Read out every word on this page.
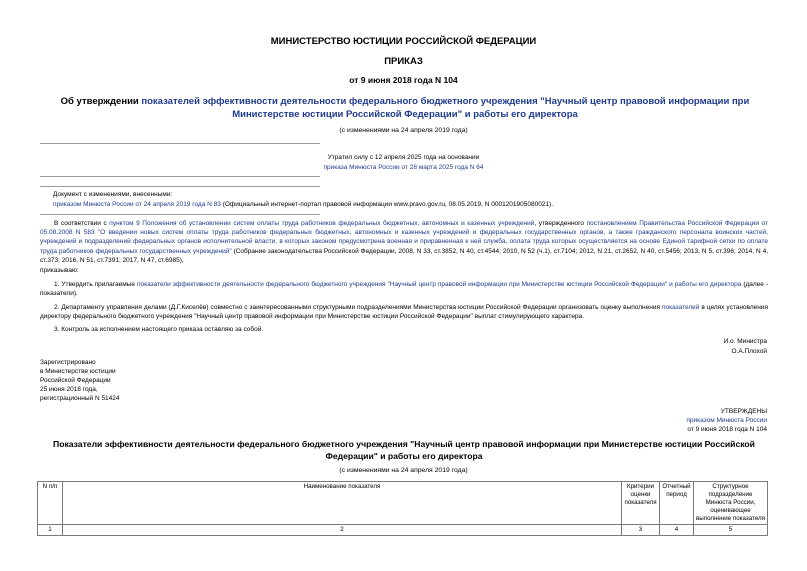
МИНИСТЕРСТВО ЮСТИЦИИ РОССИЙСКОЙ ФЕДЕРАЦИИ
ПРИКАЗ
от 9 июня 2018 года N 104
Об утверждении показателей эффективности деятельности федерального бюджетного учреждения "Научный центр правовой информации при Министерстве юстиции Российской Федерации" и работы его директора
(с изменениями на 24 апреля 2019 года)
Утратил силу с 12 апреля 2025 года на основании
приказа Минюста России от 28 марта 2025 года N 64
Документ с изменениями, внесенными:
приказом Минюста России от 24 апреля 2019 года N 83 (Официальный интернет-портал правовой информации www.pravo.gov.ru, 08.05.2019, N 0001201905080021).
В соответствии с пунктом 9 Положения об установлении систем оплаты труда работников федеральных бюджетных, автономных и казенных учреждений, утвержденного постановлением Правительства Российской Федерации от 05.08.2008 N 583 "О введении новых систем оплаты труда работников федеральных бюджетных, автономных и казенных учреждений и федеральных государственных органов, а также гражданского персонала воинских частей, учреждений и подразделений федеральных органов исполнительной власти, в которых законом предусмотрена военная и приравненная к ней служба, оплата труда которых осуществляется на основе Единой тарифной сетки по оплате труда работников федеральных государственных учреждений" (Собрание законодательства Российской Федерации, 2008, N 33, ст.3852, N 40, ст.4544; 2010, N 52 (ч.1), ст.7104; 2012, N 21, ст.2652, N 40, ст.5456; 2013, N 5, ст.396; 2014, N 4, ст.373; 2016, N 51, ст.7391; 2017, N 47, ст.6985),
приказываю:
1. Утвердить прилагаемые показатели эффективности деятельности федерального бюджетного учреждения "Научный центр правовой информации при Министерстве юстиции Российской Федерации" и работы его директора (далее - показатели).
2. Департаменту управления делами (Д.Г.Киселёв) совместно с заинтересованными структурными подразделениями Министерства юстиции Российской Федерации организовать оценку выполнения показателей в целях установления директору федерального бюджетного учреждения "Научный центр правовой информации при Министерстве юстиции Российской Федерации" выплат стимулирующего характера.
3. Контроль за исполнением настоящего приказа оставляю за собой.
И.о. Министра
О.А.Плохой
Зарегистрировано
в Министерстве юстиции
Российской Федерации
25 июня 2018 года,
регистрационный N 51424
УТВЕРЖДЕНЫ
приказом Минюста России
от 9 июня 2018 года N 104
Показатели эффективности деятельности федерального бюджетного учреждения "Научный центр правовой информации при Министерстве юстиции Российской Федерации" и работы его директора
(с изменениями на 24 апреля 2019 года)
N п/п	Наименование показателя	Критерии оценки показателя	Отчетный период	Структурное подразделение Минюста России, оценивающее выполнение показателя
1	2	3	4	5
